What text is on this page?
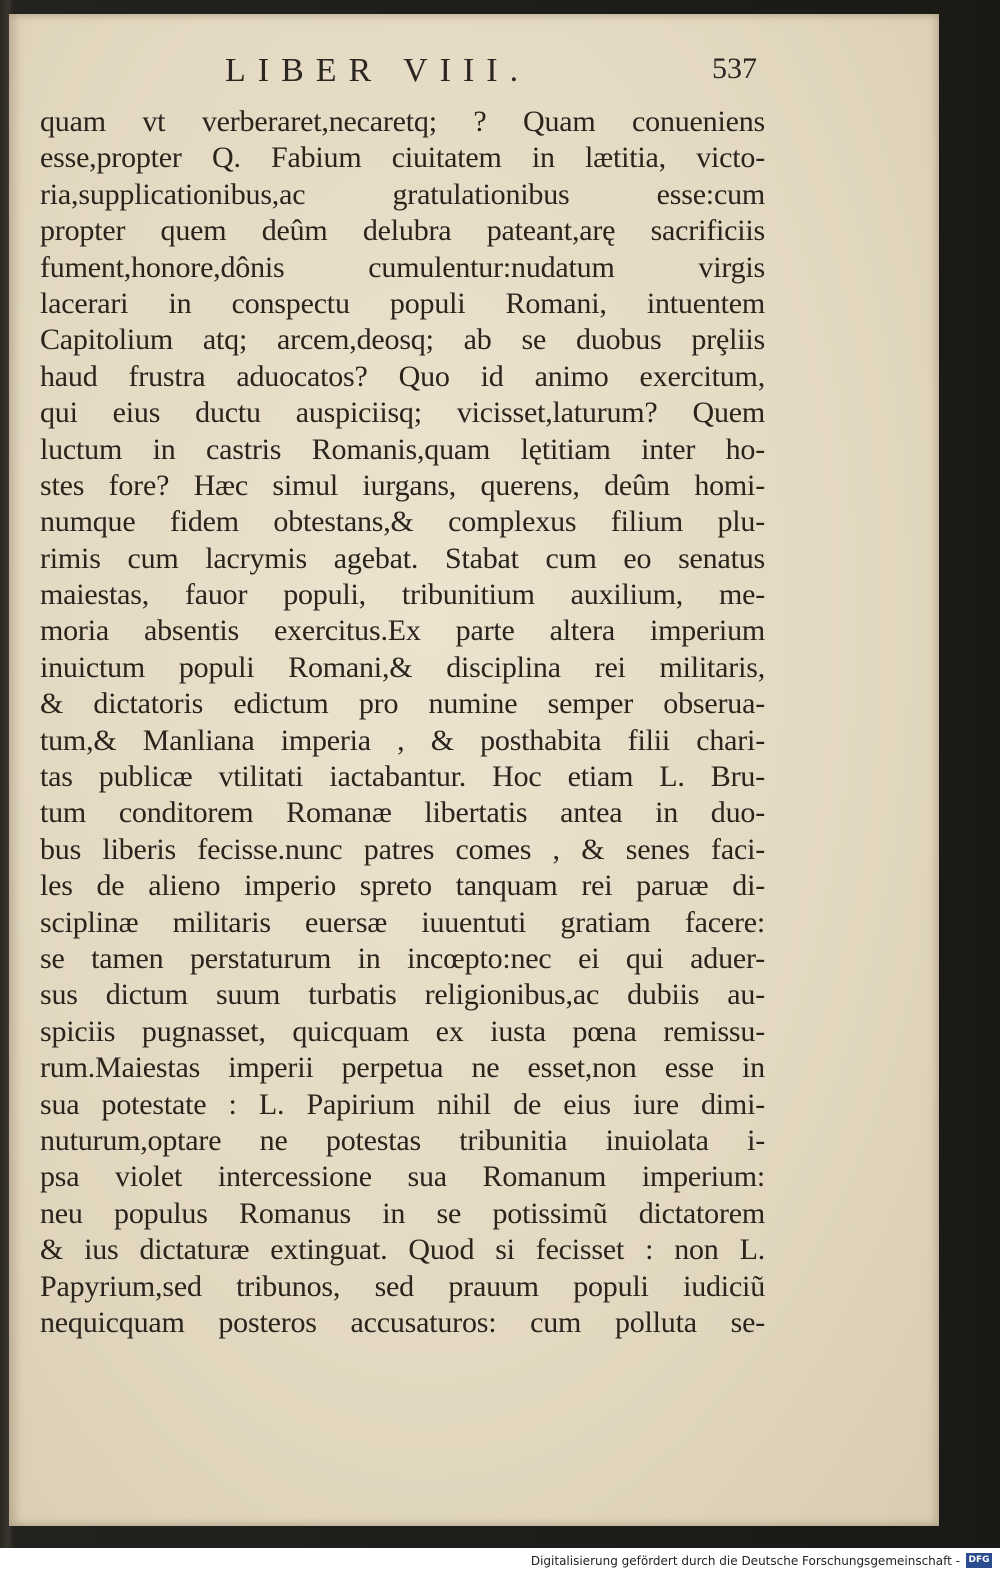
LIBER VIII.	537
quam vt verberaret,necaretq; ? Quam conueniens
esse,propter Q. Fabium ciuitatem in lætitia, victo-
ria,supplicationibus,ac gratulationibus esse:cum
propter quem deûm delubra pateant,arę sacrificiis
fument,honore,dônis cumulentur:nudatum virgis
lacerari in conspectu populi Romani, intuentem
Capitolium atq; arcem,deosq; ab se duobus prȩliis
haud frustra aduocatos? Quo id animo exercitum,
qui eius ductu auspiciisq; vicisset,laturum? Quem
luctum in castris Romanis,quam lętitiam inter ho-
stes fore? Hæc simul iurgans, querens, deûm homi-
numque fidem obtestans,& complexus filium plu-
rimis cum lacrymis agebat. Stabat cum eo senatus
maiestas, fauor populi, tribunitium auxilium, me-
moria absentis exercitus.Ex parte altera imperium
inuictum populi Romani,& disciplina rei militaris,
& dictatoris edictum pro numine semper obserua-
tum,& Manliana imperia , & posthabita filii chari-
tas publicæ vtilitati iactabantur. Hoc etiam L. Bru-
tum conditorem Romanæ libertatis antea in duo-
bus liberis fecisse.nunc patres comes , & senes faci-
les de alieno imperio spreto tanquam rei paruæ di-
sciplinæ militaris euersæ iuuentuti gratiam facere:
se tamen perstaturum in incœpto:nec ei qui aduer-
sus dictum suum turbatis religionibus,ac dubiis au-
spiciis pugnasset, quicquam ex iusta pœna remissu-
rum.Maiestas imperii perpetua ne esset,non esse in
sua potestate : L. Papirium nihil de eius iure dimi-
nuturum,optare ne potestas tribunitia inuiolata i-
psa violet intercessione sua Romanum imperium:
neu populus Romanus in se potissimũ dictatorem
& ius dictaturæ extinguat. Quod si fecisset : non L.
Papyrium,sed tribunos, sed prauum populi iudiciũ
nequicquam posteros accusaturos: cum polluta se-
Digitalisierung gefördert durch die Deutsche Forschungsgemeinschaft - DFG
